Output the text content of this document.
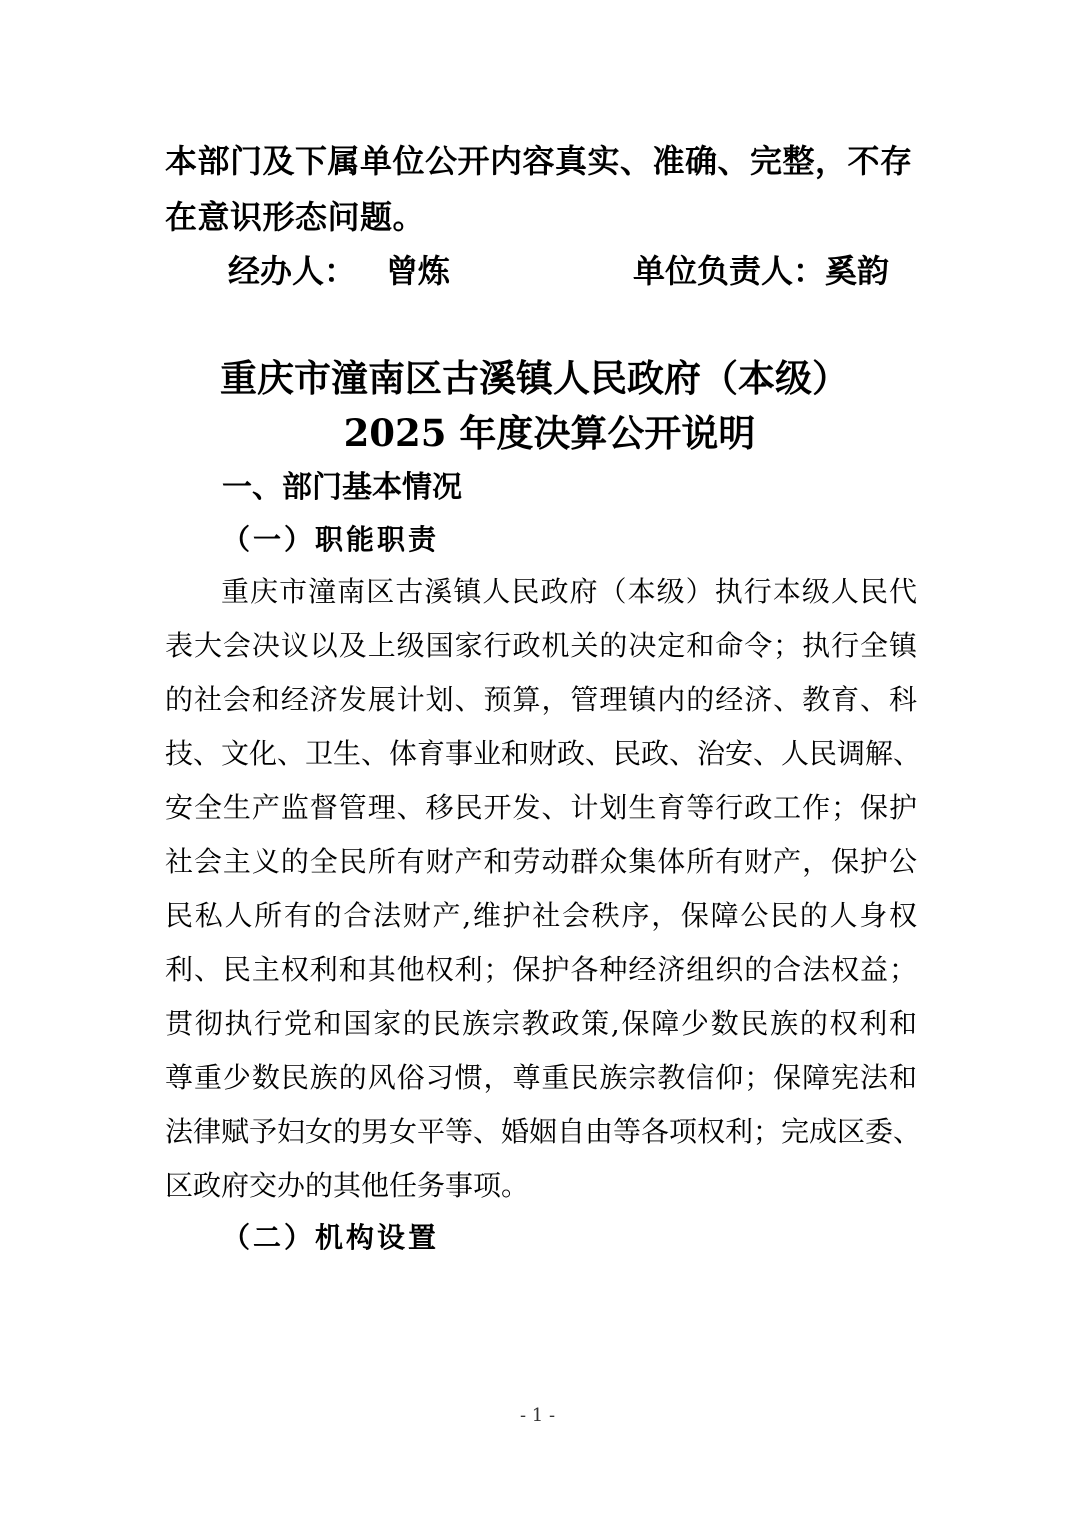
本部门及下属单位公开内容真实、准确、完整，不存
在意识形态问题。
经办人： 曾炼	单位负责人：奚韵
重庆市潼南区古溪镇人民政府（本级）
2025 年度决算公开说明
一、部门基本情况
（一）职能职责
重庆市潼南区古溪镇人民政府（本级）执行本级人民代
表大会决议以及上级国家行政机关的决定和命令；执行全镇
的社会和经济发展计划、预算，管理镇内的经济、教育、科
技、文化、卫生、体育事业和财政、民政、治安、人民调解、
安全生产监督管理、移民开发、计划生育等行政工作；保护
社会主义的全民所有财产和劳动群众集体所有财产，保护公
民私人所有的合法财产,维护社会秩序，保障公民的人身权
利、民主权利和其他权利；保护各种经济组织的合法权益；
贯彻执行党和国家的民族宗教政策,保障少数民族的权利和
尊重少数民族的风俗习惯，尊重民族宗教信仰；保障宪法和
法律赋予妇女的男女平等、婚姻自由等各项权利；完成区委、
区政府交办的其他任务事项。
（二）机构设置
- 1 -
